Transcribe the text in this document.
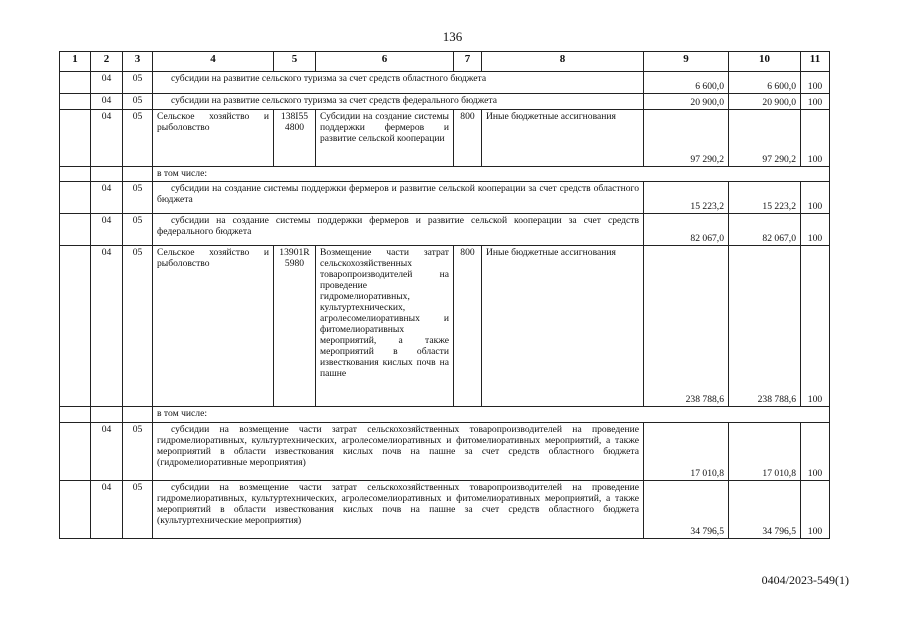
136
1	2	3	4	5	6	7	8	9	10	11
	04	05	субсидии на развитие сельского туризма за счет средств областного бюджета					6 600,0	6 600,0	100
	04	05	субсидии на развитие сельского туризма за счет средств федерального бюджета					20 900,0	20 900,0	100
	04	05	Сельское хозяйство и рыболовство	138I55 4800	Субсидии на создание системы поддержки фермеров и развитие сельской кооперации	800	Иные бюджетные ассигнования	97 290,2	97 290,2	100
			в том числе:							
	04	05	субсидии на создание системы поддержки фермеров и развитие сельской кооперации за счет средств областного бюджета					15 223,2	15 223,2	100
	04	05	субсидии на создание системы поддержки фермеров и развитие сельской кооперации за счет средств федерального бюджета					82 067,0	82 067,0	100
	04	05	Сельское хозяйство и рыболовство	13901R 5980	Возмещение части затрат сельскохозяйственных товаропроизводителей на проведение гидромелиоративных, культуртехнических, агролесомелиоративных и фитомелиоративных мероприятий, а также мероприятий в области известкования кислых почв на пашне	800	Иные бюджетные ассигнования	238 788,6	238 788,6	100
			в том числе:							
	04	05	субсидии на возмещение части затрат сельскохозяйственных товаропроизводителей на проведение гидромелиоративных, культуртехнических, агролесомелиоративных и фитомелиоративных мероприятий, а также мероприятий в области известкования кислых почв на пашне за счет средств областного бюджета (гидромелиоративные мероприятия)					17 010,8	17 010,8	100
	04	05	субсидии на возмещение части затрат сельскохозяйственных товаропроизводителей на проведение гидромелиоративных, культуртехнических, агролесомелиоративных и фитомелиоративных мероприятий, а также мероприятий в области известкования кислых почв на пашне за счет средств областного бюджета (культуртехнические мероприятия)					34 796,5	34 796,5	100
0404/2023-549(1)
